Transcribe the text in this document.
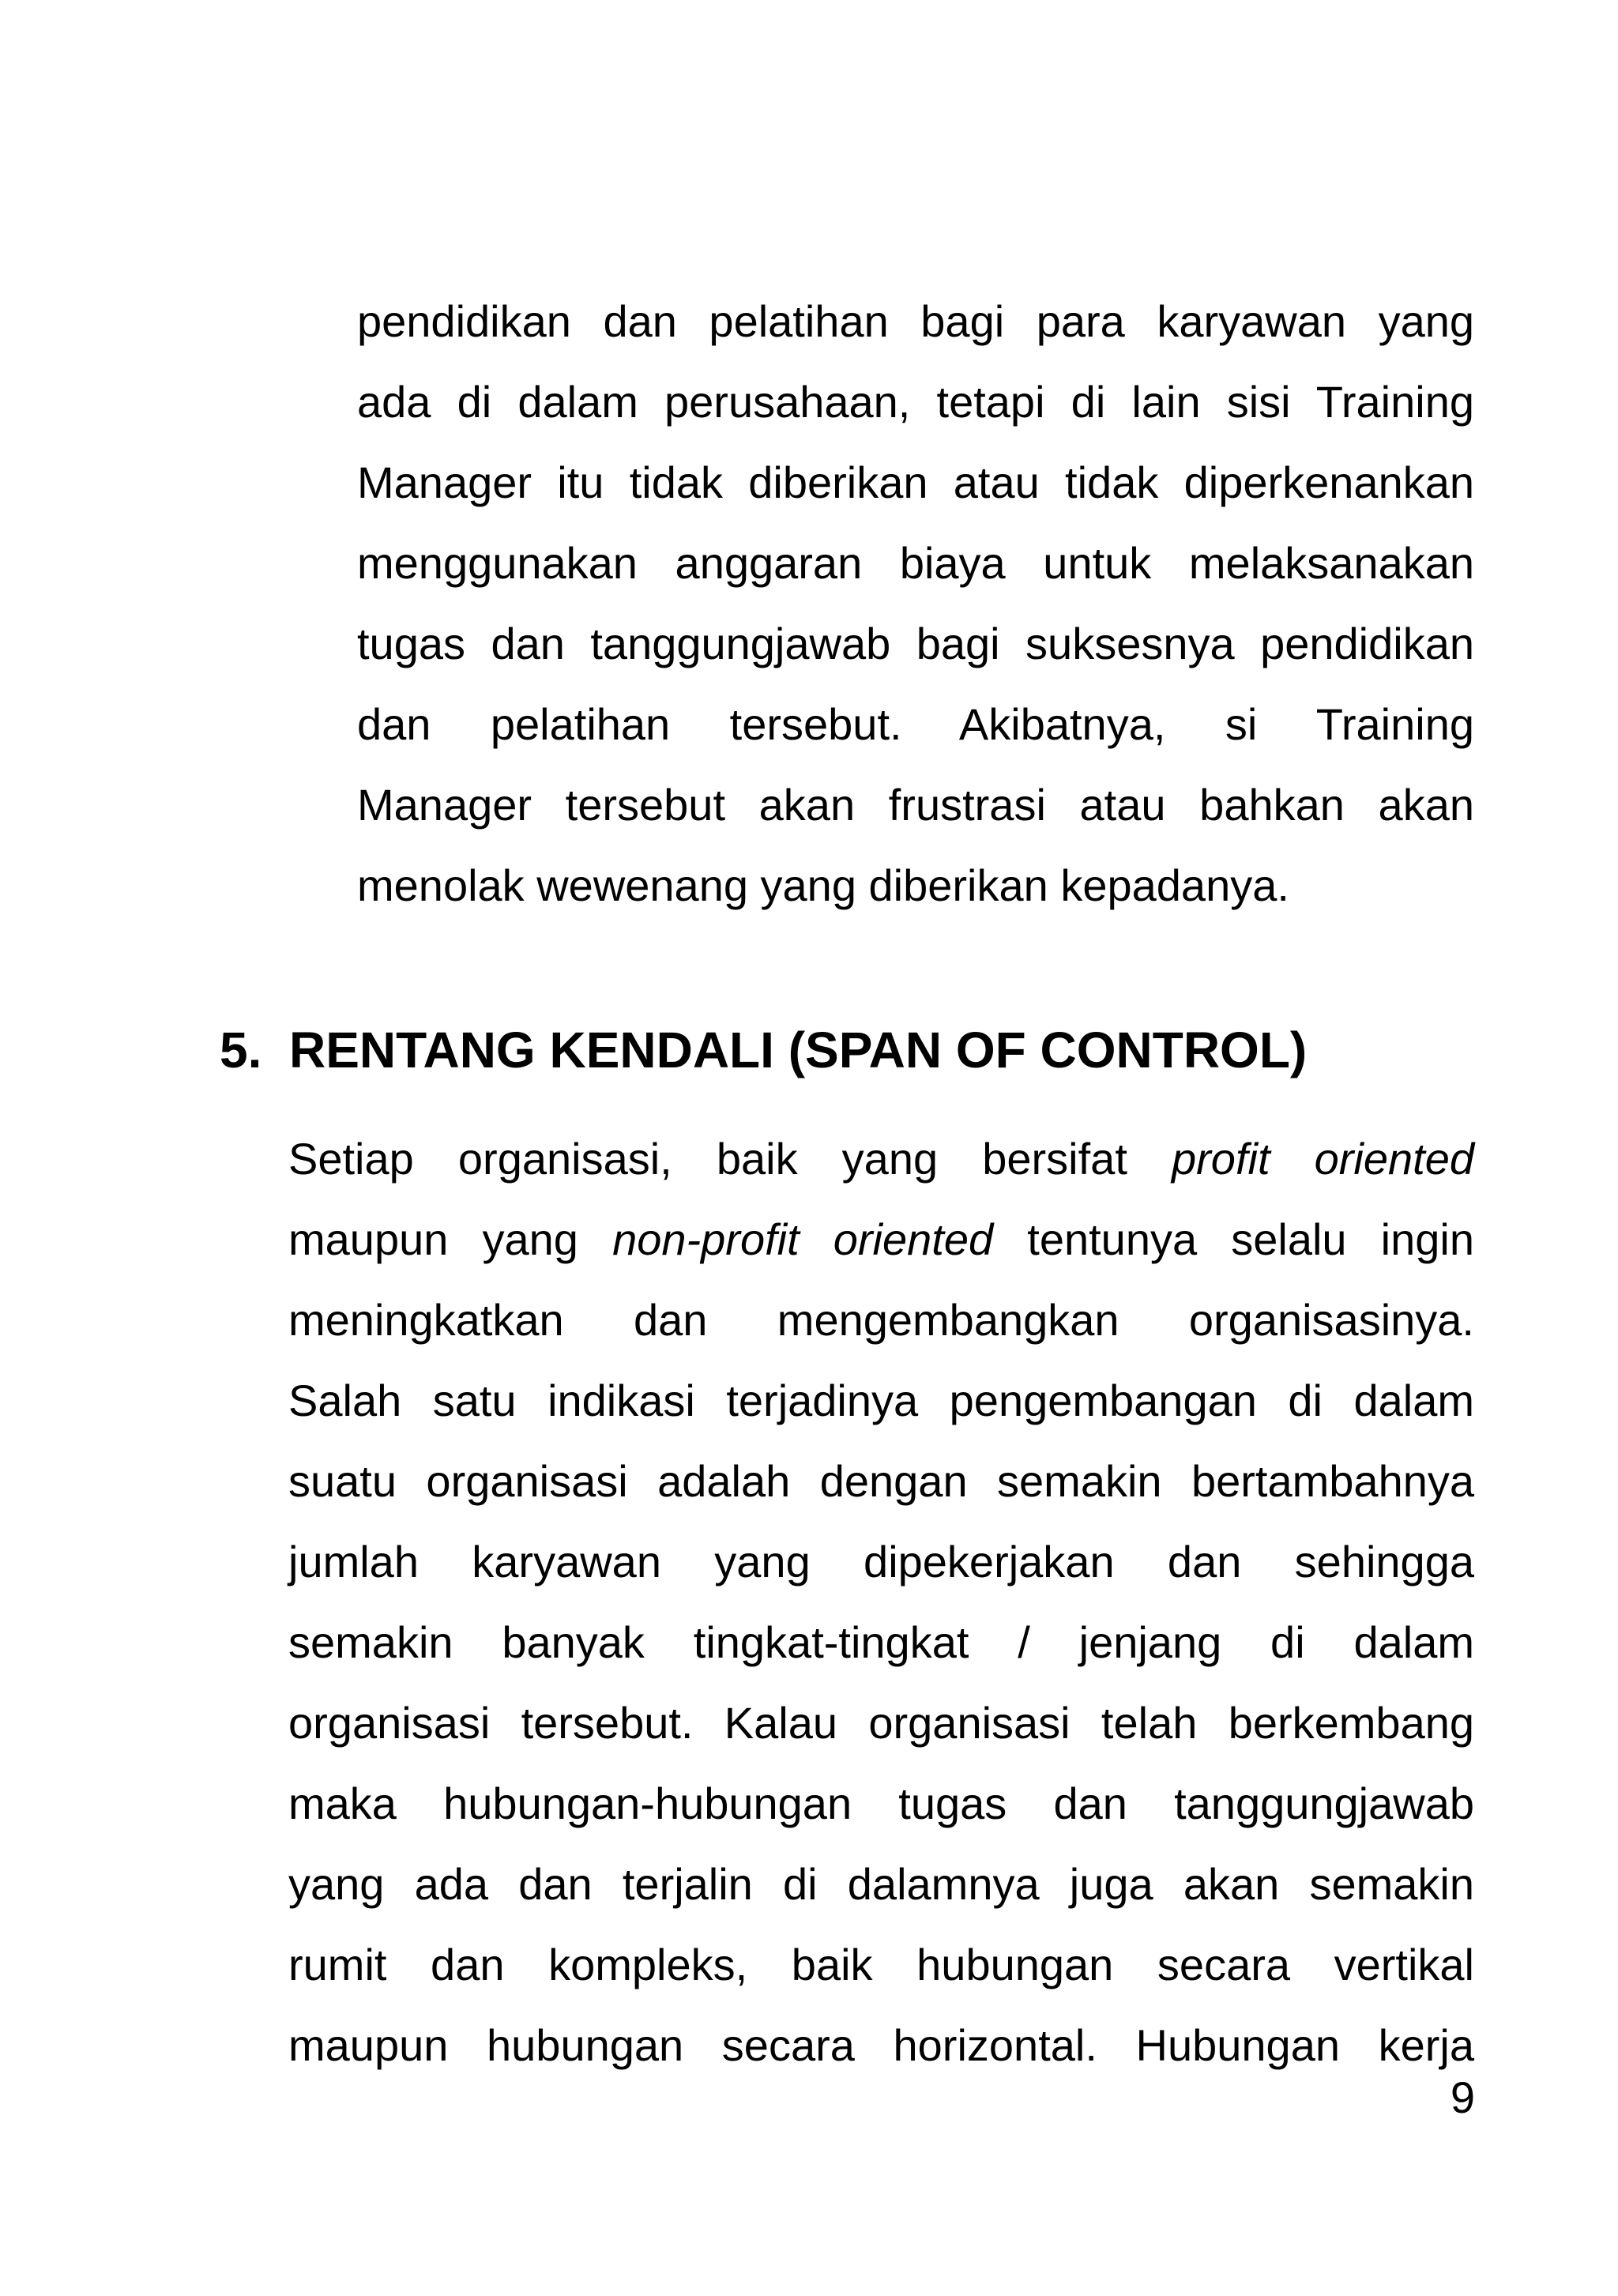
pendidikan dan pelatihan bagi para karyawan yang
ada di dalam perusahaan, tetapi di lain sisi Training
Manager itu tidak diberikan atau tidak diperkenankan
menggunakan anggaran biaya untuk melaksanakan
tugas dan tanggungjawab bagi suksesnya pendidikan
dan pelatihan tersebut. Akibatnya, si Training
Manager tersebut akan frustrasi atau bahkan akan
menolak wewenang yang diberikan kepadanya.
5. RENTANG KENDALI (SPAN OF CONTROL)
Setiap organisasi, baik yang bersifat profit oriented
maupun yang non-profit oriented tentunya selalu ingin
meningkatkan dan mengembangkan organisasinya.
Salah satu indikasi terjadinya pengembangan di dalam
suatu organisasi adalah dengan semakin bertambahnya
jumlah karyawan yang dipekerjakan dan sehingga
semakin banyak tingkat-tingkat / jenjang di dalam
organisasi tersebut. Kalau organisasi telah berkembang
maka hubungan-hubungan tugas dan tanggungjawab
yang ada dan terjalin di dalamnya juga akan semakin
rumit dan kompleks, baik hubungan secara vertikal
maupun hubungan secara horizontal. Hubungan kerja
9
